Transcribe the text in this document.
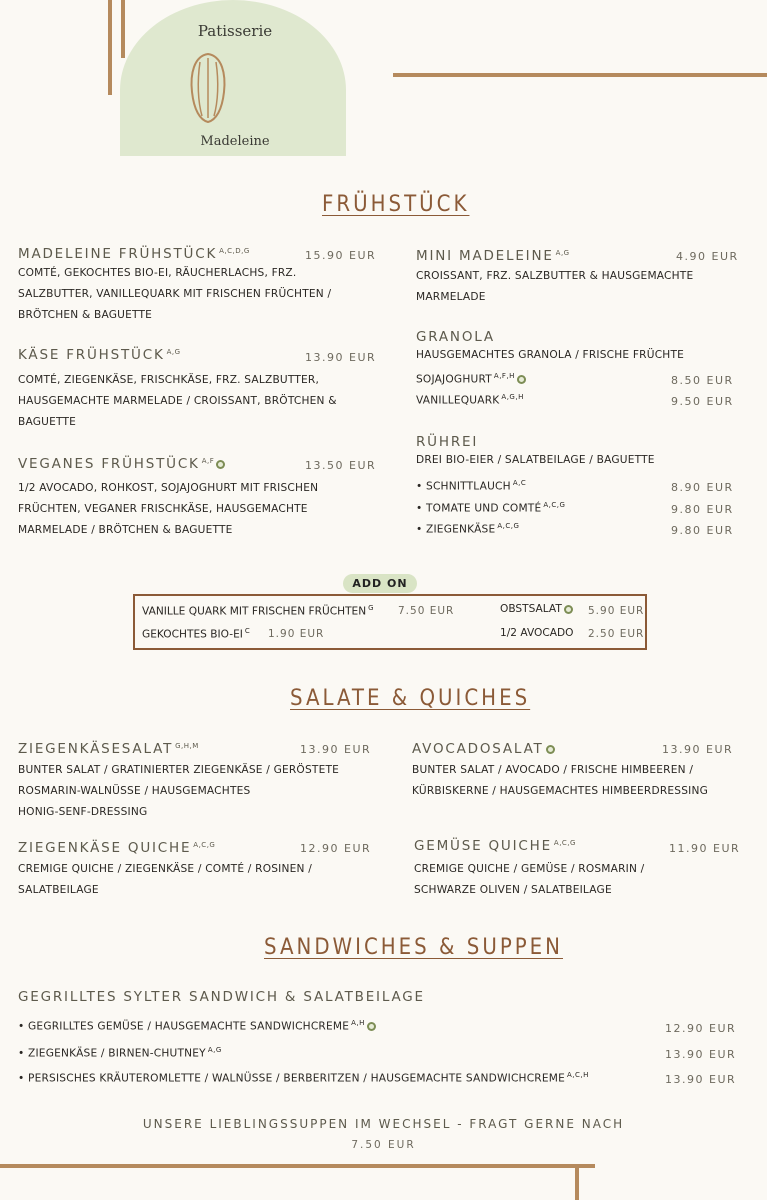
Patisserie
Madeleine
FRÜHSTÜCK
MADELEINE FRÜHSTÜCK $^{A,C,D,G}$	15.90 EUR
COMTÉ, GEKOCHTES BIO-EI, RÄUCHERLACHS, FRZ.
SALZBUTTER, VANILLEQUARK MIT FRISCHEN FRÜCHTEN /
BRÖTCHEN & BAGUETTE
KÄSE FRÜHSTÜCK $^{A,G}$	13.90 EUR
COMTÉ, ZIEGENKÄSE, FRISCHKÄSE, FRZ. SALZBUTTER,
HAUSGEMACHTE MARMELADE / CROISSANT, BRÖTCHEN &
BAGUETTE
VEGANES FRÜHSTÜCK $^{A,F}$	13.50 EUR
1/2 AVOCADO, ROHKOST, SOJAJOGHURT MIT FRISCHEN
FRÜCHTEN, VEGANER FRISCHKÄSE, HAUSGEMACHTE
MARMELADE / BRÖTCHEN & BAGUETTE
MINI MADELEINE $^{A,G}$	4.90 EUR
CROISSANT, FRZ. SALZBUTTER & HAUSGEMACHTE
MARMELADE
GRANOLA
HAUSGEMACHTES GRANOLA / FRISCHE FRÜCHTE
SOJAJOGHURT $^{A,F,H}$	8.50 EUR
VANILLEQUARK $^{A,G,H}$	9.50 EUR
RÜHREI
DREI BIO-EIER / SALATBEILAGE / BAGUETTE
• SCHNITTLAUCH $^{A,C}$	8.90 EUR
• TOMATE UND COMTÉ $^{A,C,G}$	9.80 EUR
• ZIEGENKÄSE $^{A,C,G}$	9.80 EUR
ADD ON
VANILLE QUARK MIT FRISCHEN FRÜCHTEN $^G$ 7.50 EUR
GEKOCHTES BIO-EI $^C$ 1.90 EUR
OBSTSALAT	5.90 EUR
1/2 AVOCADO 2.50 EUR
SALATE & QUICHES
ZIEGENKÄSESALAT $^{G,H,M}$	13.90 EUR
BUNTER SALAT / GRATINIERTER ZIEGENKÄSE / GERÖSTETE
ROSMARIN-WALNÜSSE / HAUSGEMACHTES
HONIG-SENF-DRESSING
AVOCADOSALAT	13.90 EUR
BUNTER SALAT / AVOCADO / FRISCHE HIMBEEREN /
KÜRBISKERNE / HAUSGEMACHTES HIMBEERDRESSING
ZIEGENKÄSE QUICHE $^{A,C,G}$	12.90 EUR
CREMIGE QUICHE / ZIEGENKÄSE / COMTÉ / ROSINEN /
SALATBEILAGE
GEMÜSE QUICHE $^{A,C,G}$	11.90 EUR
CREMIGE QUICHE / GEMÜSE / ROSMARIN /
SCHWARZE OLIVEN / SALATBEILAGE
SANDWICHES & SUPPEN
GEGRILLTES SYLTER SANDWICH & SALATBEILAGE
• GEGRILLTES GEMÜSE / HAUSGEMACHTE SANDWICHCREME $^{A,H}$	12.90 EUR
• ZIEGENKÄSE / BIRNEN-CHUTNEY $^{A,G}$	13.90 EUR
• PERSISCHES KRÄUTEROMLETTE / WALNÜSSE / BERBERITZEN / HAUSGEMACHTE SANDWICHCREME $^{A,C,H}$	13.90 EUR
UNSERE LIEBLINGSSUPPEN IM WECHSEL - FRAGT GERNE NACH
7.50 EUR
